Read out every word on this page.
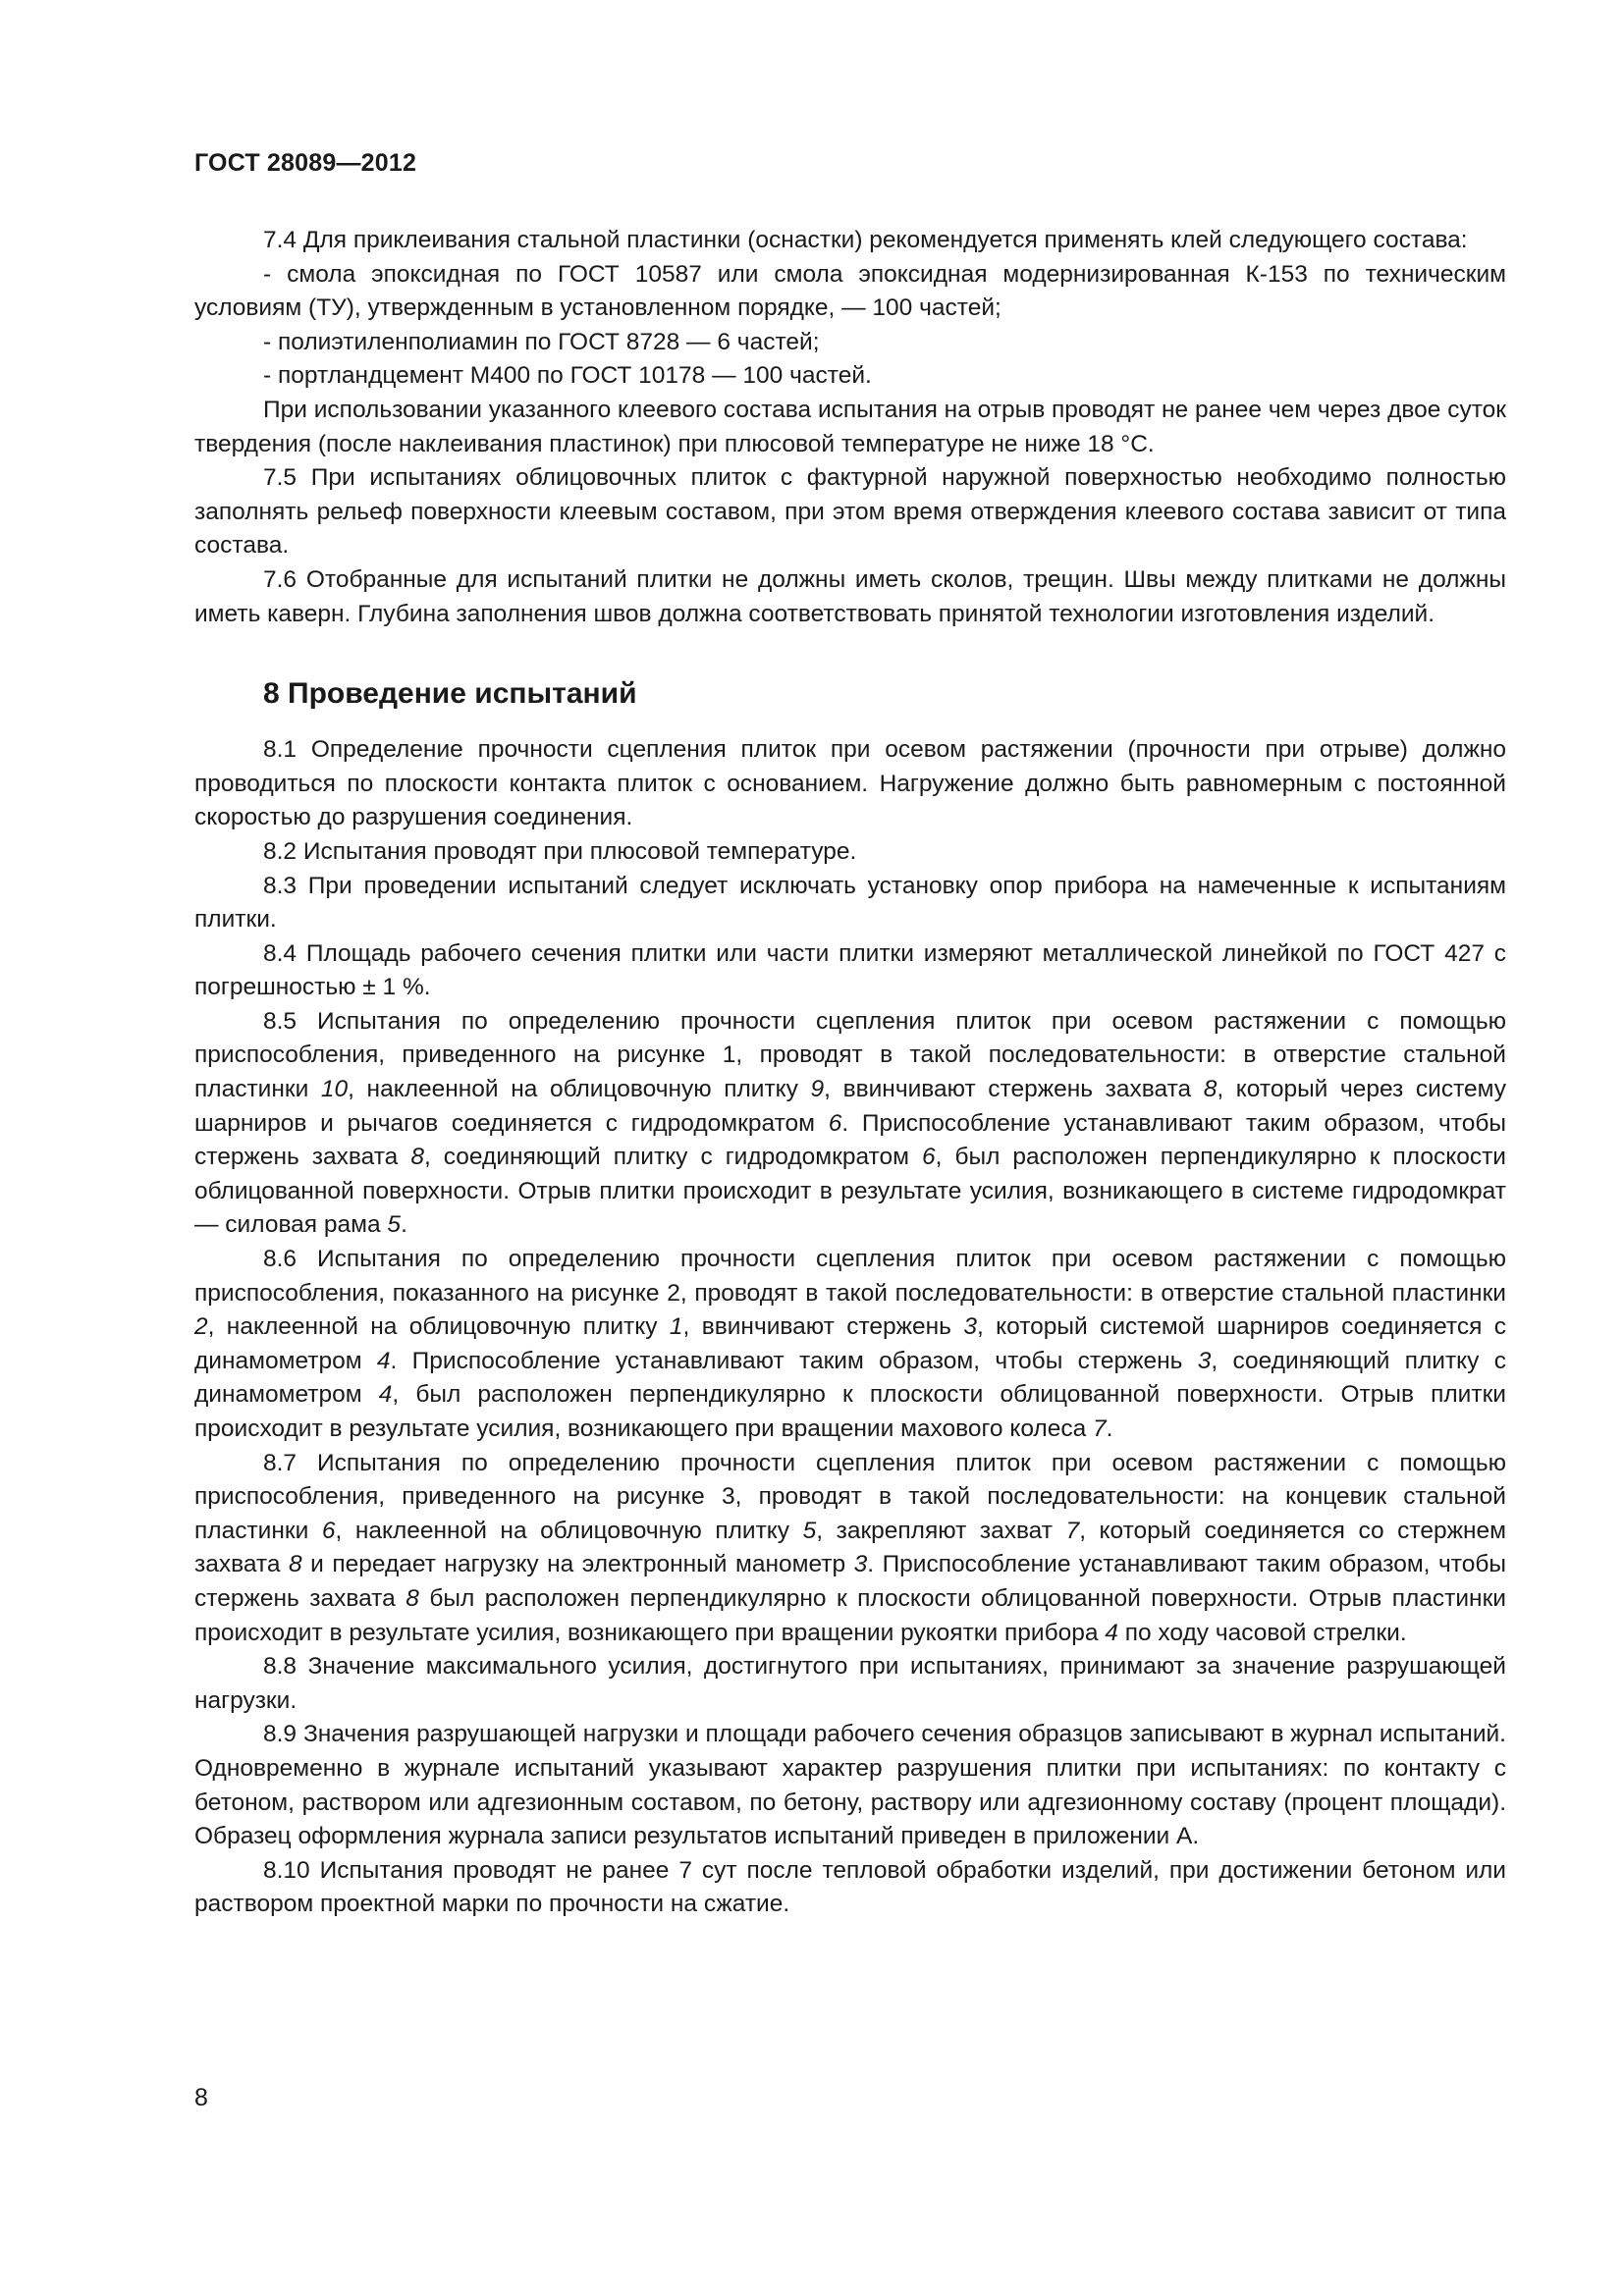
ГОСТ 28089—2012

7.4 Для приклеивания стальной пластинки (оснастки) рекомендуется применять клей следующего состава:

- смола эпоксидная по ГОСТ 10587 или смола эпоксидная модернизированная К-153 по техническим условиям (ТУ), утвержденным в установленном порядке, — 100 частей;

- полиэтиленполиамин по ГОСТ 8728 — 6 частей;

- портландцемент М400 по ГОСТ 10178 — 100 частей.

При использовании указанного клеевого состава испытания на отрыв проводят не ранее чем через двое суток твердения (после наклеивания пластинок) при плюсовой температуре не ниже 18 °С.

7.5 При испытаниях облицовочных плиток с фактурной наружной поверхностью необходимо полностью заполнять рельеф поверхности клеевым составом, при этом время отверждения клеевого состава зависит от типа состава.

7.6 Отобранные для испытаний плитки не должны иметь сколов, трещин. Швы между плитками не должны иметь каверн. Глубина заполнения швов должна соответствовать принятой технологии изготовления изделий.

8 Проведение испытаний

8.1 Определение прочности сцепления плиток при осевом растяжении (прочности при отрыве) должно проводиться по плоскости контакта плиток с основанием. Нагружение должно быть равномерным с постоянной скоростью до разрушения соединения.

8.2 Испытания проводят при плюсовой температуре.

8.3 При проведении испытаний следует исключать установку опор прибора на намеченные к испытаниям плитки.

8.4 Площадь рабочего сечения плитки или части плитки измеряют металлической линейкой по ГОСТ 427 с погрешностью ± 1 %.

8.5 Испытания по определению прочности сцепления плиток при осевом растяжении с помощью приспособления, приведенного на рисунке 1, проводят в такой последовательности: в отверстие стальной пластинки 10, наклеенной на облицовочную плитку 9, ввинчивают стержень захвата 8, который через систему шарниров и рычагов соединяется с гидродомкратом 6. Приспособление устанавливают таким образом, чтобы стержень захвата 8, соединяющий плитку с гидродомкратом 6, был расположен перпендикулярно к плоскости облицованной поверхности. Отрыв плитки происходит в результате усилия, возникающего в системе гидродомкрат — силовая рама 5.

8.6 Испытания по определению прочности сцепления плиток при осевом растяжении с помощью приспособления, показанного на рисунке 2, проводят в такой последовательности: в отверстие стальной пластинки 2, наклеенной на облицовочную плитку 1, ввинчивают стержень 3, который системой шарниров соединяется с динамометром 4. Приспособление устанавливают таким образом, чтобы стержень 3, соединяющий плитку с динамометром 4, был расположен перпендикулярно к плоскости облицованной поверхности. Отрыв плитки происходит в результате усилия, возникающего при вращении махового колеса 7.

8.7 Испытания по определению прочности сцепления плиток при осевом растяжении с помощью приспособления, приведенного на рисунке 3, проводят в такой последовательности: на концевик стальной пластинки 6, наклеенной на облицовочную плитку 5, закрепляют захват 7, который соединяется со стержнем захвата 8 и передает нагрузку на электронный манометр 3. Приспособление устанавливают таким образом, чтобы стержень захвата 8 был расположен перпендикулярно к плоскости облицованной поверхности. Отрыв пластинки происходит в результате усилия, возникающего при вращении рукоятки прибора 4 по ходу часовой стрелки.

8.8 Значение максимального усилия, достигнутого при испытаниях, принимают за значение разрушающей нагрузки.

8.9 Значения разрушающей нагрузки и площади рабочего сечения образцов записывают в журнал испытаний. Одновременно в журнале испытаний указывают характер разрушения плитки при испытаниях: по контакту с бетоном, раствором или адгезионным составом, по бетону, раствору или адгезионному составу (процент площади). Образец оформления журнала записи результатов испытаний приведен в приложении А.

8.10 Испытания проводят не ранее 7 сут после тепловой обработки изделий, при достижении бетоном или раствором проектной марки по прочности на сжатие.

8
